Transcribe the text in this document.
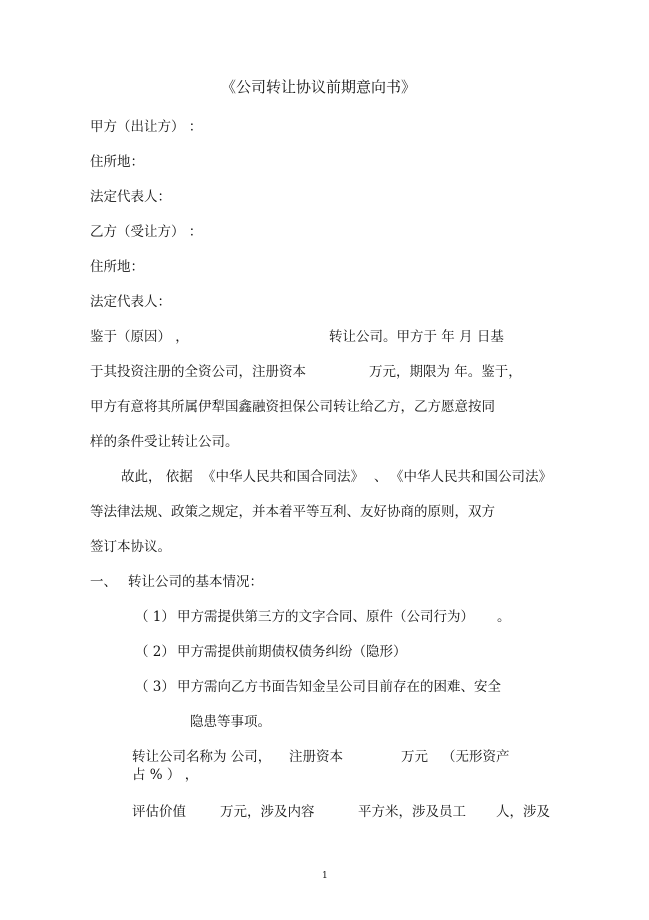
《公司转让协议前期意向书》
甲方（出让方） ：
住所地：
法定代表人：
乙方（受让方） ：
住所地：
法定代表人：
鉴于（原因） ，	转让公司。甲方于 年 月 日基
于其投资注册的全资公司，注册资本	万元，期限为 年。鉴于，
甲方有意将其所属伊犁国鑫融资担保公司转让给乙方，乙方愿意按同
样的条件受让转让公司。
故此， 依据 《中华人民共和国合同法》 、 《中华人民共和国公司法》
等法律法规、政策之规定，并本着平等互利、友好协商的原则，双方
签订本协议。
一、 转让公司的基本情况：
（ 1） 甲方需提供第三方的文字合同、原件（公司行为） 。
（ 2） 甲方需提供前期债权债务纠纷（隐形）
（ 3） 甲方需向乙方书面告知金呈公司目前存在的困难、安全
隐患等事项。
转让公司名称为 公司， 注册资本	万元 （无形资产
占 % ） ，
评估价值	万元，涉及内容	平方米，涉及员工 人，涉及
1
